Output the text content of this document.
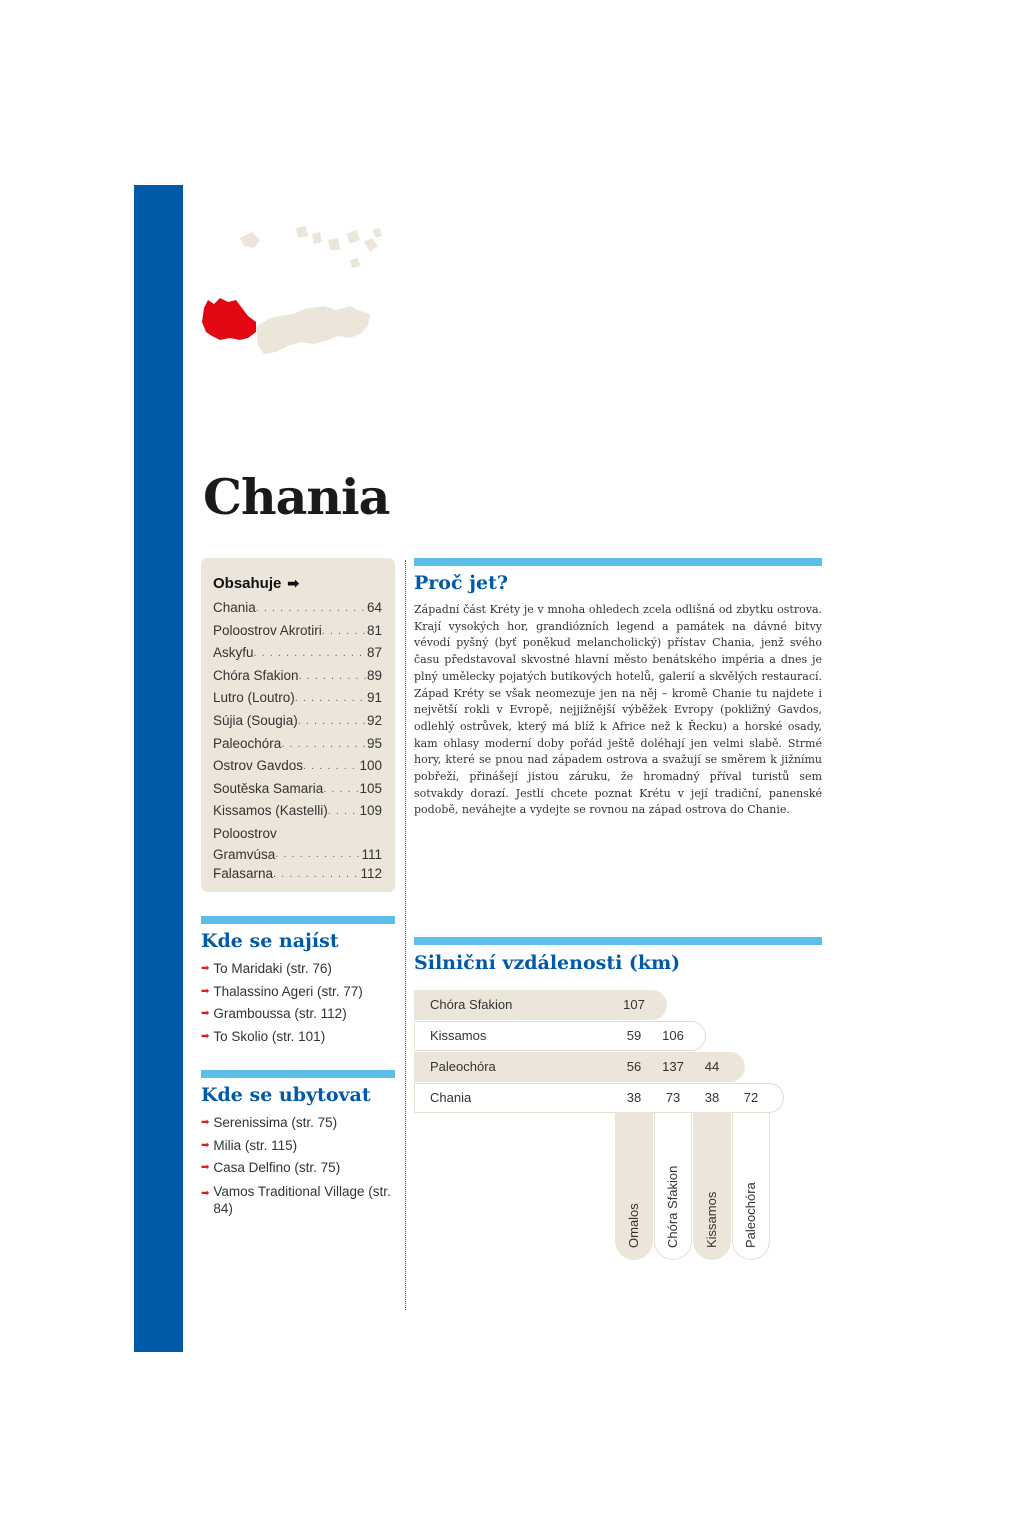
Chania
Obsahuje ➡
Chania . . .	64
Poloostrov Akrotiri . . .	81
Askyfu . . .	87
Chóra Sfakion . . .	89
Lutro (Loutro) . . .	91
Sújia (Sougia) . . .	92
Paleochóra . . .	95
Ostrov Gavdos . . .	100
Soutěska Samaria . . .	105
Kissamos (Kastelli) . . . 109
Poloostrov
Gramvúsa . . .	111
Falasarna . . .	112
Proč jet?
Západní část Kréty je v mnoha ohledech zcela odlišná od zbytku ostrova. Krají vysokých hor, grandiózních legend a památek na dávné bitvy vévodí pyšný (byť poněkud melancholický) přístav Chania, jenž svého času představoval skvostné hlavní město benátského impéria a dnes je plný umělecky pojatých butikových hotelů, galerií a skvělých restaurací. Západ Kréty se však neomezuje jen na něj – kromě Chanie tu najdete i největší rokli v Evropě, nejjižnější výběžek Evropy (pokližný Gavdos, odlehlý ostrůvek, který má blíž k Africe než k Řecku) a horské osady, kam ohlasy moderní doby pořád ještě doléhají jen velmi slabě. Strmé hory, které se pnou nad západem ostrova a svažují se směrem k jižnímu pobřeží, přinášejí jistou záruku, že hromadný příval turistů sem sotvakdy dorazí. Jestli chcete poznat Krétu v její tradiční, panenské podobě, neváhejte a vydejte se rovnou na západ ostrova do Chanie.
Kde se najíst
➡ To Maridaki (str. 76)
➡ Thalassino Ageri (str. 77)
➡ Gramboussa (str. 112)
➡ To Skolio (str. 101)
Kde se ubytovat
➡ Serenissima (str. 75)
➡ Milia (str. 115)
➡ Casa Delfino (str. 75)
➡ Vamos Traditional Village (str. 84)
Silniční vzdálenosti (km)
Chóra Sfakion	107
Kissamos	59	106
Paleochóra	56	137	44
Chania	38	73	38	72
Omalos Chóra Sfakion Kissamos Paleochóra
